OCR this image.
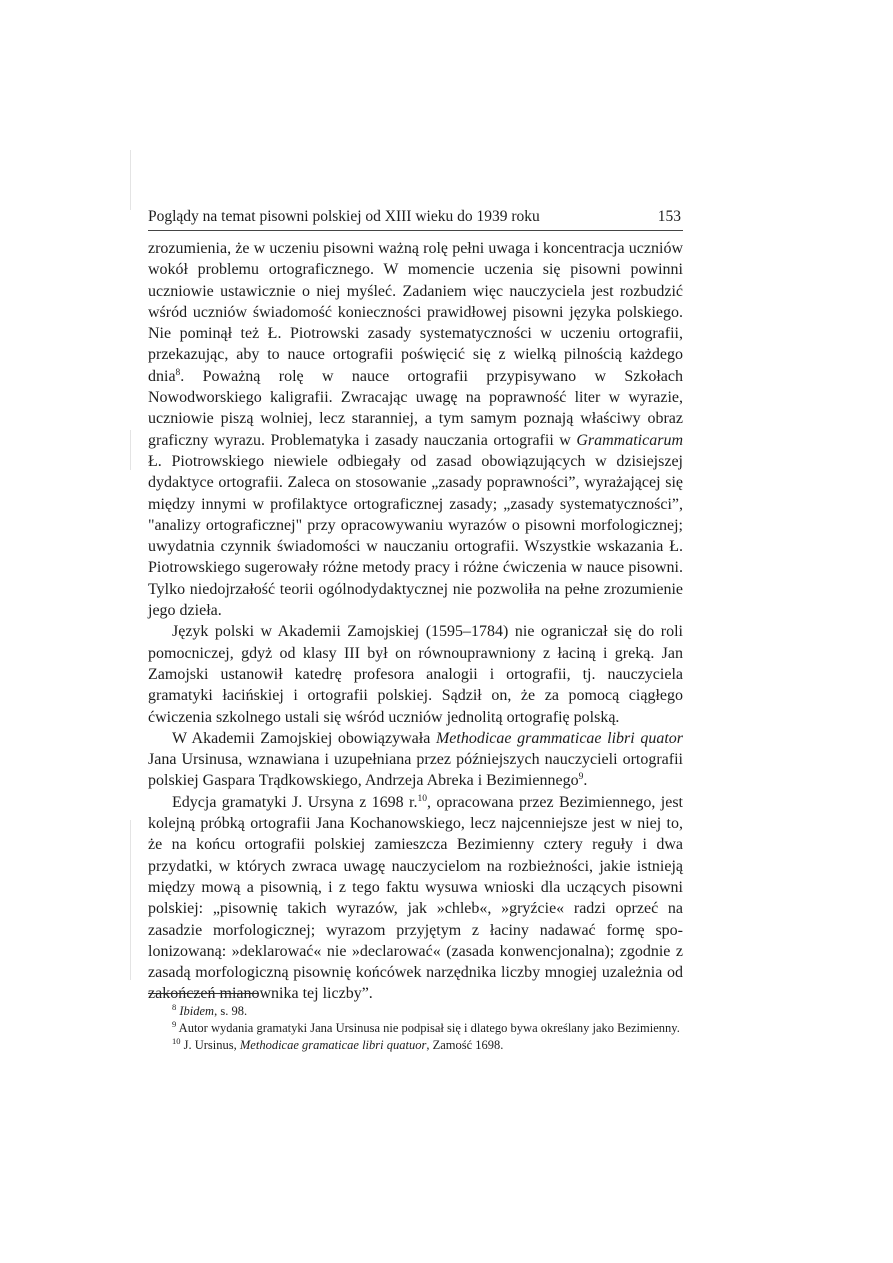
Poglądy na temat pisowni polskiej od XIII wieku do 1939 roku	153

zrozumienia, że w uczeniu pisowni ważną rolę pełni uwaga i koncentracja uczniów wokół problemu ortograficznego. W momencie uczenia się pisowni powinni uczniowie ustawicznie o niej myśleć. Zadaniem więc nauczyciela jest rozbudzić wśród uczniów świadomość konieczności prawidłowej pisowni języka polskiego. Nie pominął też Ł. Piotrowski zasady systematyczności w uczeniu ortografii, przekazując, aby to nauce ortografii poświęcić się z wielką pilnością każdego dnia$^8$. Poważną rolę w nauce ortografii przypisywano w Szkołach Nowodworskiego kaligrafii. Zwracając uwagę na poprawność liter w wyrazie, uczniowie piszą wolniej, lecz staranniej, a tym samym poznają właściwy obraz graficzny wyrazu. Problematyka i zasady nauczania ortografii w Grammaticarum Ł. Piotrowskiego niewiele odbiegały od zasad obowiązujących w dzisiejszej dydaktyce ortografii. Zaleca on stosowanie „zasady poprawności”, wyrażającej się między innymi w profilaktyce ortograficznej zasady; „zasady systematyczności”, "analizy ortograficznej" przy opracowywaniu wyrazów o pisowni morfologicznej; uwydatnia czynnik świadomości w nauczaniu ortografii. Wszystkie wskazania Ł. Piotrowskiego sugerowały różne metody pracy i różne ćwiczenia w nauce pisowni. Tylko niedojrzałość teorii ogólnodydaktycznej nie pozwoliła na pełne zrozumienie jego dzieła.

Język polski w Akademii Zamojskiej (1595–1784) nie ograniczał się do roli pomocniczej, gdyż od klasy III był on równouprawniony z łaciną i greką. Jan Zamojski ustanowił katedrę profesora analogii i ortografii, tj. nauczyciela gramatyki łacińskiej i ortografii polskiej. Sądził on, że za pomocą ciągłego ćwiczenia szkolnego ustali się wśród uczniów jednolitą ortografię polską.

W Akademii Zamojskiej obowiązywała Methodicae grammaticae libri quator Jana Ursinusa, wznawiana i uzupełniana przez późniejszych nauczycieli ortografii polskiej Gaspara Trądkowskiego, Andrzeja Abreka i Bezimiennego$^9$.

Edycja gramatyki J. Ursyna z 1698 r.$^{10}$, opracowana przez Bezimiennego, jest kolejną próbką ortografii Jana Kochanowskiego, lecz najcenniejsze jest w niej to, że na końcu ortografii polskiej zamieszcza Bezimienny cztery reguły i dwa przydatki, w których zwraca uwagę nauczycielom na rozbieżności, jakie istnieją między mową a pisownią, i z tego faktu wysuwa wnioski dla uczących pisowni polskiej: „pisownię takich wyrazów, jak »chleb«, »gryźcie« radzi oprzeć na zasadzie morfologicznej; wyrazom przyjętym z łaciny nadawać formę spolonizowaną: »deklarować« nie »declarować« (zasada konwencjonalna); zgodnie z zasadą morfologiczną pisownię końcówek narzędnika liczby mnogiej uzależnia od zakończeń mianownika tej liczby”.

$^8$ Ibidem, s. 98.

$^9$ Autor wydania gramatyki Jana Ursinusa nie podpisał się i dlatego bywa określany jako Bezimienny.

$^{10}$ J. Ursinus, Methodicae gramaticae libri quatuor, Zamość 1698.
